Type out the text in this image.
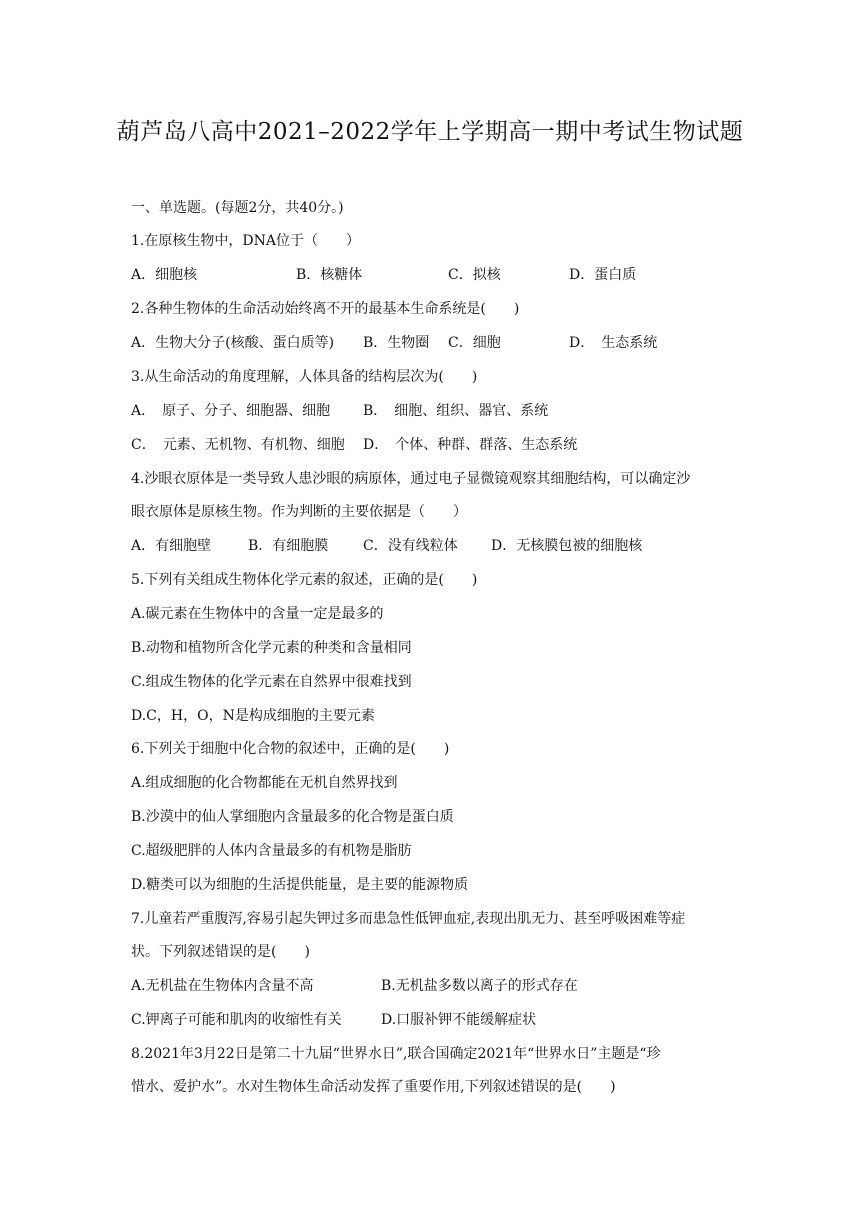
葫芦岛八高中2021–2022学年上学期高一期中考试生物试题
一、单选题。(每题2分，共40分。)
1.在原核生物中，DNA位于（　　）
A．细胞核	B．核糖体	C．拟核	D．蛋白质
2.各种生物体的生命活动始终离不开的最基本生命系统是(　　)
A．生物大分子(核酸、蛋白质等) B．生物圈 C．细胞	D．　生态系统
3.从生命活动的角度理解，人体具备的结构层次为(　　)
A．　原子、分子、细胞器、细胞 B．　细胞、组织、器官、系统
C．　元素、无机物、有机物、细胞 D．　个体、种群、群落、生态系统
4.沙眼衣原体是一类导致人患沙眼的病原体，通过电子显微镜观察其细胞结构，可以确定沙
眼衣原体是原核生物。作为判断的主要依据是（　　）
A．有细胞壁	B．有细胞膜 C．没有线粒体 D．无核膜包被的细胞核
5.下列有关组成生物体化学元素的叙述，正确的是(　　)
A.碳元素在生物体中的含量一定是最多的
B.动物和植物所含化学元素的种类和含量相同
C.组成生物体的化学元素在自然界中很难找到
D.C，H，O，N是构成细胞的主要元素
6.下列关于细胞中化合物的叙述中，正确的是(　　)
A.组成细胞的化合物都能在无机自然界找到
B.沙漠中的仙人掌细胞内含量最多的化合物是蛋白质
C.超级肥胖的人体内含量最多的有机物是脂肪
D.糖类可以为细胞的生活提供能量，是主要的能源物质
7.儿童若严重腹泻,容易引起失钾过多而患急性低钾血症,表现出肌无力、甚至呼吸困难等症
状。下列叙述错误的是(　　)
A.无机盐在生物体内含量不高	B.无机盐多数以离子的形式存在
C.钾离子可能和肌肉的收缩性有关	D.口服补钾不能缓解症状
8.2021年3月22日是第二十九届“世界水日”,联合国确定2021年“世界水日”主题是“珍
惜水、爱护水”。水对生物体生命活动发挥了重要作用,下列叙述错误的是(　　)
